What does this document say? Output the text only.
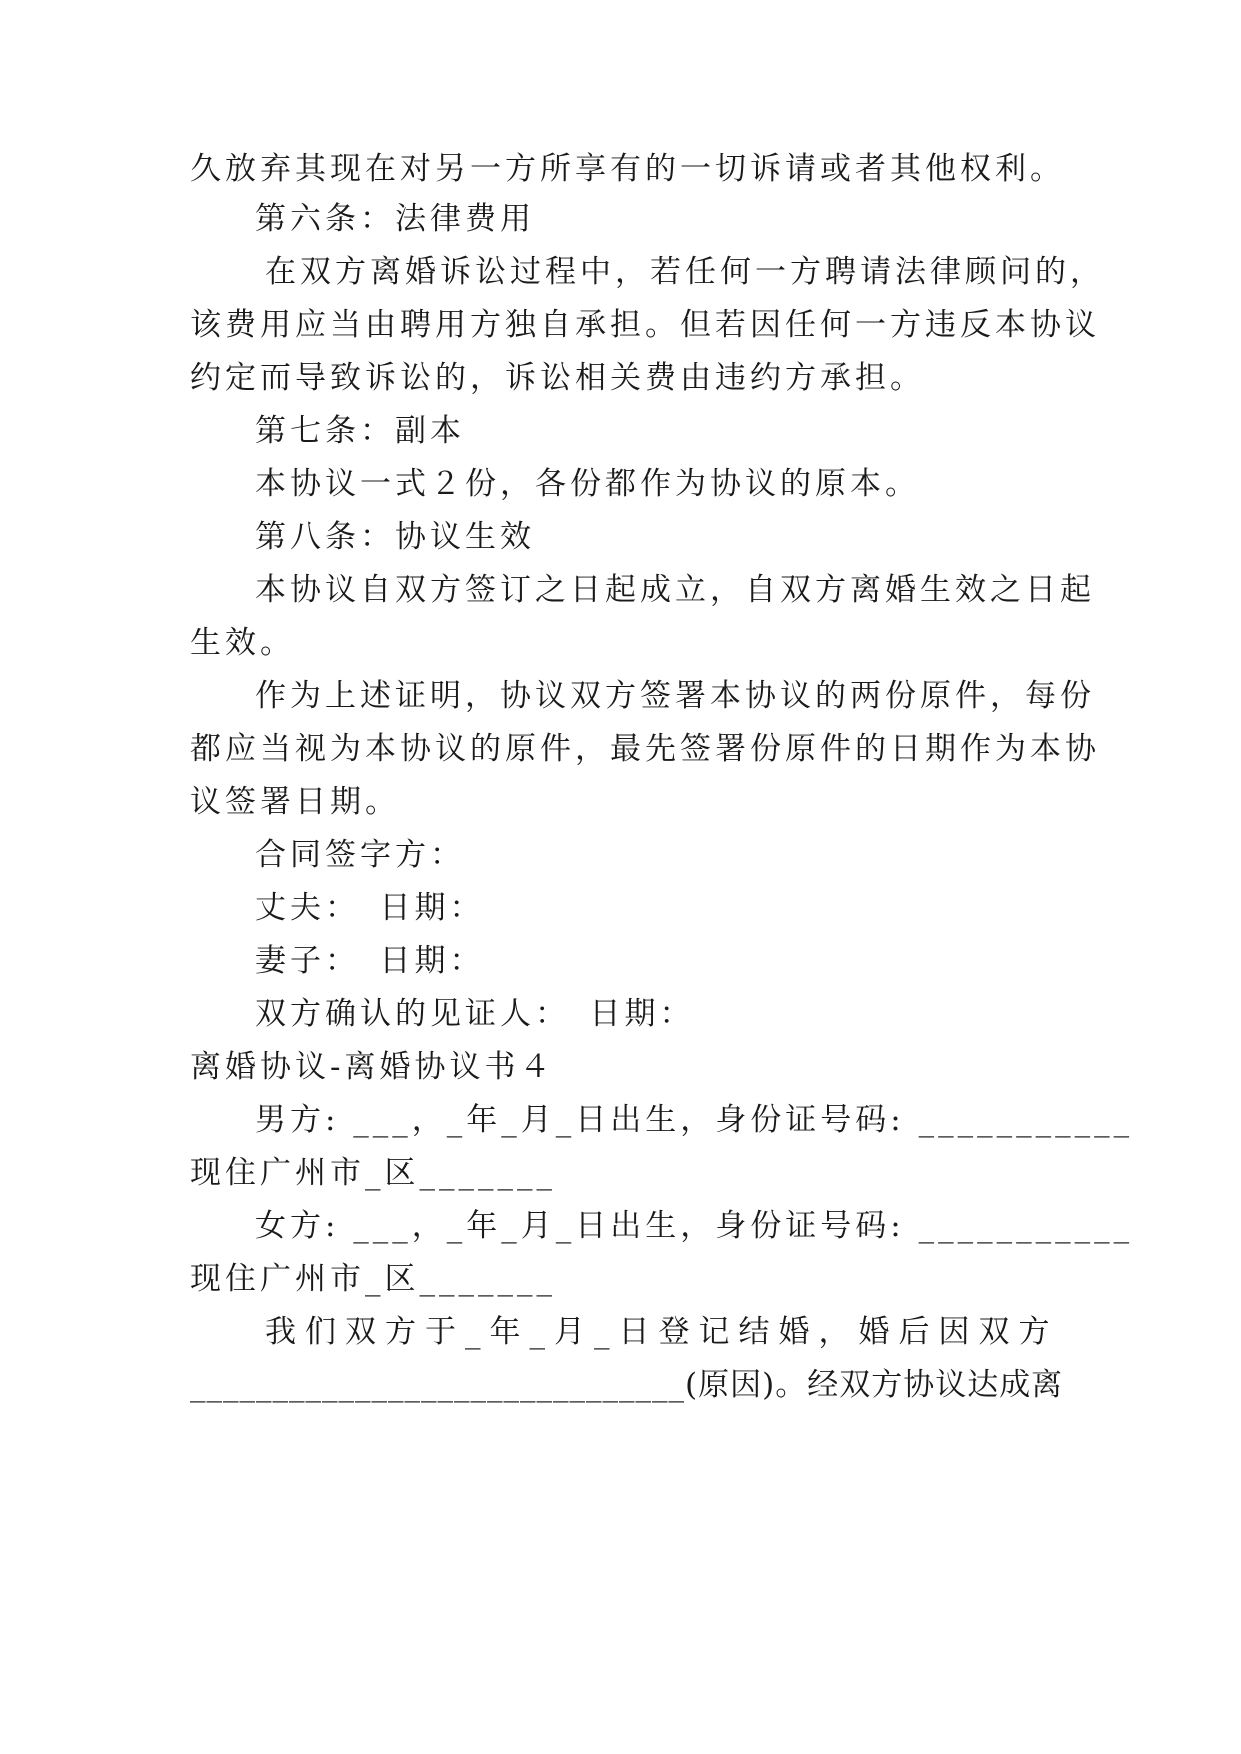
久放弃其现在对另一方所享有的一切诉请或者其他权利。
第六条：法律费用
在双方离婚诉讼过程中，若任何一方聘请法律顾问的，
该费用应当由聘用方独自承担。但若因任何一方违反本协议
约定而导致诉讼的，诉讼相关费由违约方承担。
第七条：副本
本协议一式２份，各份都作为协议的原本。
第八条：协议生效
本协议自双方签订之日起成立，自双方离婚生效之日起
生效。
作为上述证明，协议双方签署本协议的两份原件，每份
都应当视为本协议的原件，最先签署份原件的日期作为本协
议签署日期。
合同签字方：
丈夫：　日期：
妻子：　日期：
双方确认的见证人：　日期：
离婚协议-离婚协议书４
男方: ___，_年_月_日出生，身份证号码: ___________
现住广州市_区_______
女方: ___，_年_月_日出生，身份证号码: ___________
现住广州市_区_______
我们双方于_年_月_日登记结婚，婚后因双方
______________________________(原因)。经双方协议达成离
